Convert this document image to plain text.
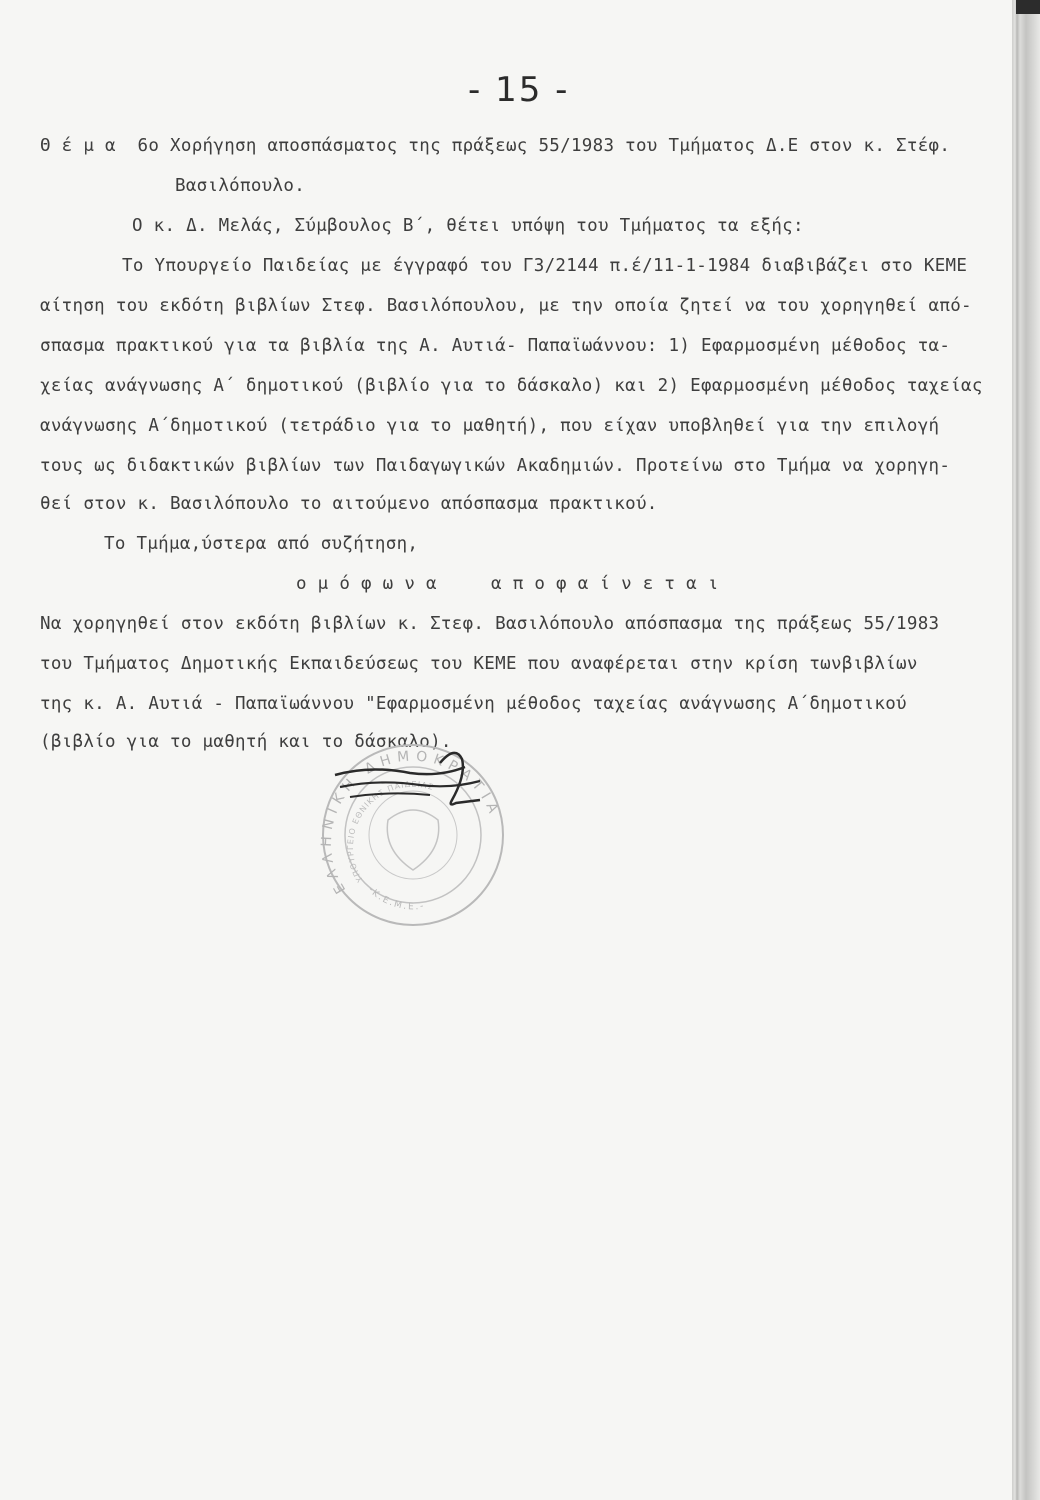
- 15 -
Θ έ μ α  6ο Χορήγηση αποσπάσματος της πράξεως 55/1983 του Τμήματος Δ.Ε στον κ. Στέφ.
Βασιλόπουλο.
Ο κ. Δ. Μελάς, Σύμβουλος Β΄, θέτει υπόψη του Τμήματος τα εξής:
Το Υπουργείο Παιδείας με έγγραφό του Γ3/2144 π.έ/11-1-1984 διαβιβάζει στο ΚΕΜΕ
αίτηση του εκδότη βιβλίων Στεφ. Βασιλόπουλου, με την οποία ζητεί να του χορηγηθεί από-
σπασμα πρακτικού για τα βιβλία της Α. Αυτιά- Παπαϊωάννου: 1) Εφαρμοσμένη μέθοδος τα-
χείας ανάγνωσης Α΄ δημοτικού (βιβλίο για το δάσκαλο) και 2) Εφαρμοσμένη μέθοδος ταχείας
ανάγνωσης Α΄δημοτικού (τετράδιο για το μαθητή), που είχαν υποβληθεί για την επιλογή
τους ως διδακτικών βιβλίων των Παιδαγωγικών Ακαδημιών. Προτείνω στο Τμήμα να χορηγη-
θεί στον κ. Βασιλόπουλο το αιτούμενο απόσπασμα πρακτικού.
Το Τμήμα,ύστερα από συζήτηση,
ο μ ό φ ω ν α     α π ο φ α ί ν ε τ α ι
Να χορηγηθεί στον εκδότη βιβλίων κ. Στεφ. Βασιλόπουλο απόσπασμα της πράξεως 55/1983
του Τμήματος Δημοτικής Εκπαιδεύσεως του ΚΕΜΕ που αναφέρεται στην κρίση τωνβιβλίων
της κ. Α. Αυτιά - Παπαϊωάννου "Εφαρμοσμένη μέθοδος ταχείας ανάγνωσης Α΄δημοτικού
(βιβλίο για το μαθητή και το δάσκαλο).
ΕΛΛΗΝΙΚΗ ΔΗΜΟΚΡΑΤΙΑ
ΥΠΟΥΡΓΕΙΟ ΕΘΝΙΚΗΣ ΠΑΙΔΕΙΑΣ
-Κ.Ε.Μ.Ε.-
